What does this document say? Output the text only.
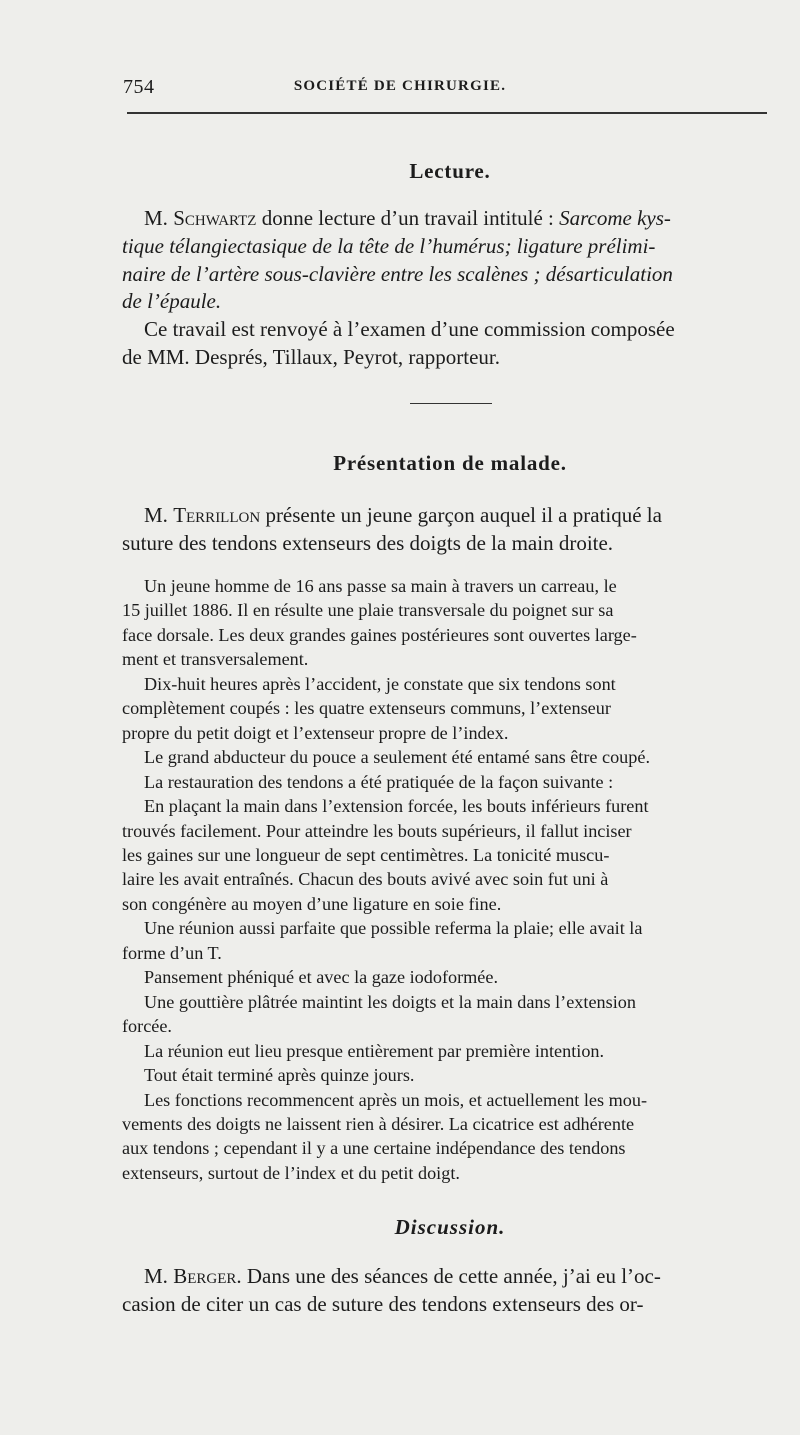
754	SOCIÉTÉ DE CHIRURGIE.
Lecture.

M. Schwartz donne lecture d’un travail intitulé : Sarcome kys-
tique télangiectasique de la tête de l’humérus; ligature prélimi-
naire de l’artère sous-clavière entre les scalènes ; désarticulation
de l’épaule.

Ce travail est renvoyé à l’examen d’une commission composée
de MM. Després, Tillaux, Peyrot, rapporteur.

Présentation de malade.

M. Terrillon présente un jeune garçon auquel il a pratiqué la
suture des tendons extenseurs des doigts de la main droite.

Un jeune homme de 16 ans passe sa main à travers un carreau, le
15 juillet 1886. Il en résulte une plaie transversale du poignet sur sa
face dorsale. Les deux grandes gaines postérieures sont ouvertes large-
ment et transversalement.
Dix-huit heures après l’accident, je constate que six tendons sont
complètement coupés : les quatre extenseurs communs, l’extenseur
propre du petit doigt et l’extenseur propre de l’index.
Le grand abducteur du pouce a seulement été entamé sans être coupé.
La restauration des tendons a été pratiquée de la façon suivante :
En plaçant la main dans l’extension forcée, les bouts inférieurs furent
trouvés facilement. Pour atteindre les bouts supérieurs, il fallut inciser
les gaines sur une longueur de sept centimètres. La tonicité muscu-
laire les avait entraînés. Chacun des bouts avivé avec soin fut uni à
son congénère au moyen d’une ligature en soie fine.
Une réunion aussi parfaite que possible referma la plaie; elle avait la
forme d’un T.
Pansement phéniqué et avec la gaze iodoformée.
Une gouttière plâtrée maintint les doigts et la main dans l’extension
forcée.
La réunion eut lieu presque entièrement par première intention.
Tout était terminé après quinze jours.
Les fonctions recommencent après un mois, et actuellement les mou-
vements des doigts ne laissent rien à désirer. La cicatrice est adhérente
aux tendons ; cependant il y a une certaine indépendance des tendons
extenseurs, surtout de l’index et du petit doigt.
Discussion.

M. Berger. Dans une des séances de cette année, j’ai eu l’oc-
casion de citer un cas de suture des tendons extenseurs des or-
